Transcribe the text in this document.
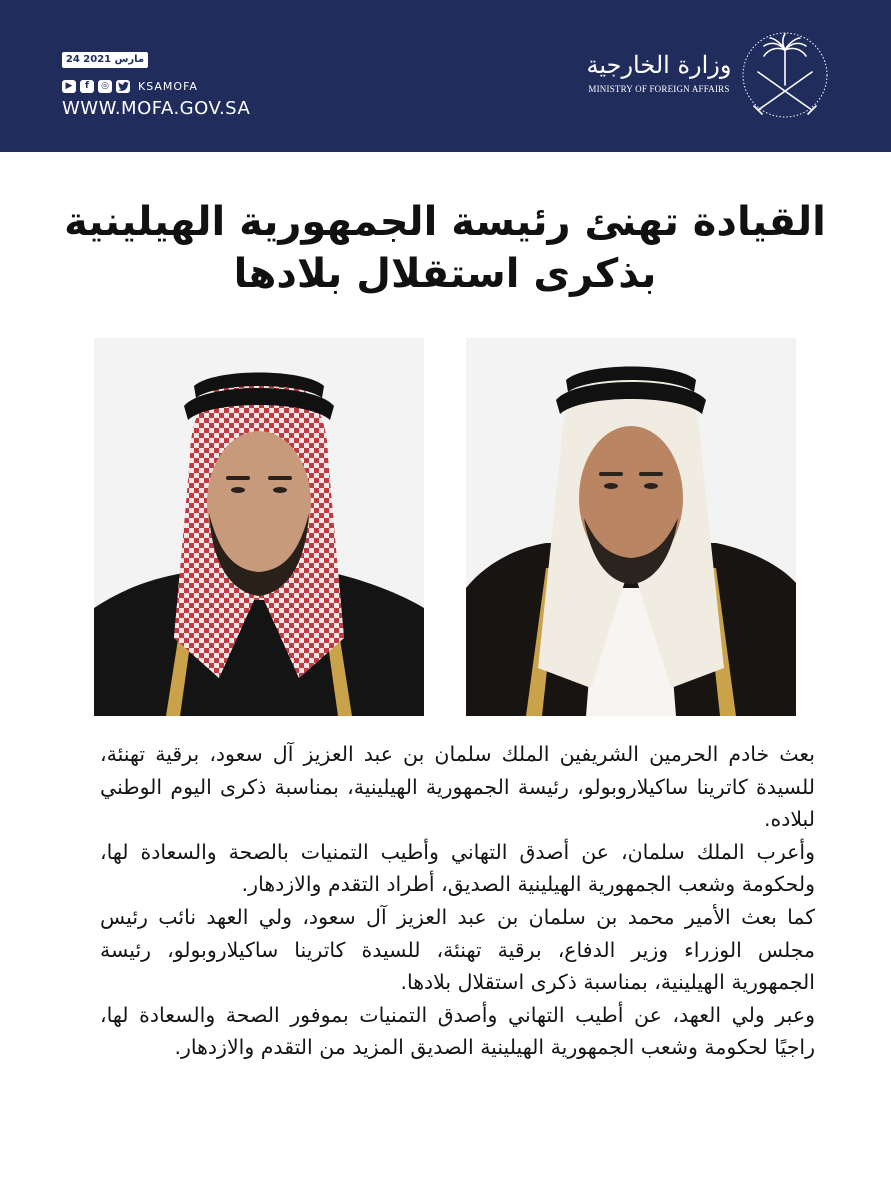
24 مارس 2021
▶	f	◎	KSAMOFA
WWW.MOFA.GOV.SA
وزارة الخارجية
MINISTRY OF FOREIGN AFFAIRS
القيادة تهنئ رئيسة الجمهورية الهيلينية
بذكرى استقلال بلادها

بعث خادم الحرمين الشريفين الملك سلمان بن عبد العزيز آل سعود، برقية تهنئة، للسيدة كاترينا ساكيلاروبولو، رئيسة الجمهورية الهيلينية، بمناسبة ذكرى اليوم الوطني لبلاده.

وأعرب الملك سلمان، عن أصدق التهاني وأطيب التمنيات بالصحة والسعادة لها، ولحكومة وشعب الجمهورية الهيلينية الصديق، أطراد التقدم والازدهار.

كما بعث الأمير محمد بن سلمان بن عبد العزيز آل سعود، ولي العهد نائب رئيس مجلس الوزراء وزير الدفاع، برقية تهنئة، للسيدة كاترينا ساكيلاروبولو، رئيسة الجمهورية الهيلينية، بمناسبة ذكرى استقلال بلادها.

وعبر ولي العهد، عن أطيب التهاني وأصدق التمنيات بموفور الصحة والسعادة لها، راجيًا لحكومة وشعب الجمهورية الهيلينية الصديق المزيد من التقدم والازدهار.
